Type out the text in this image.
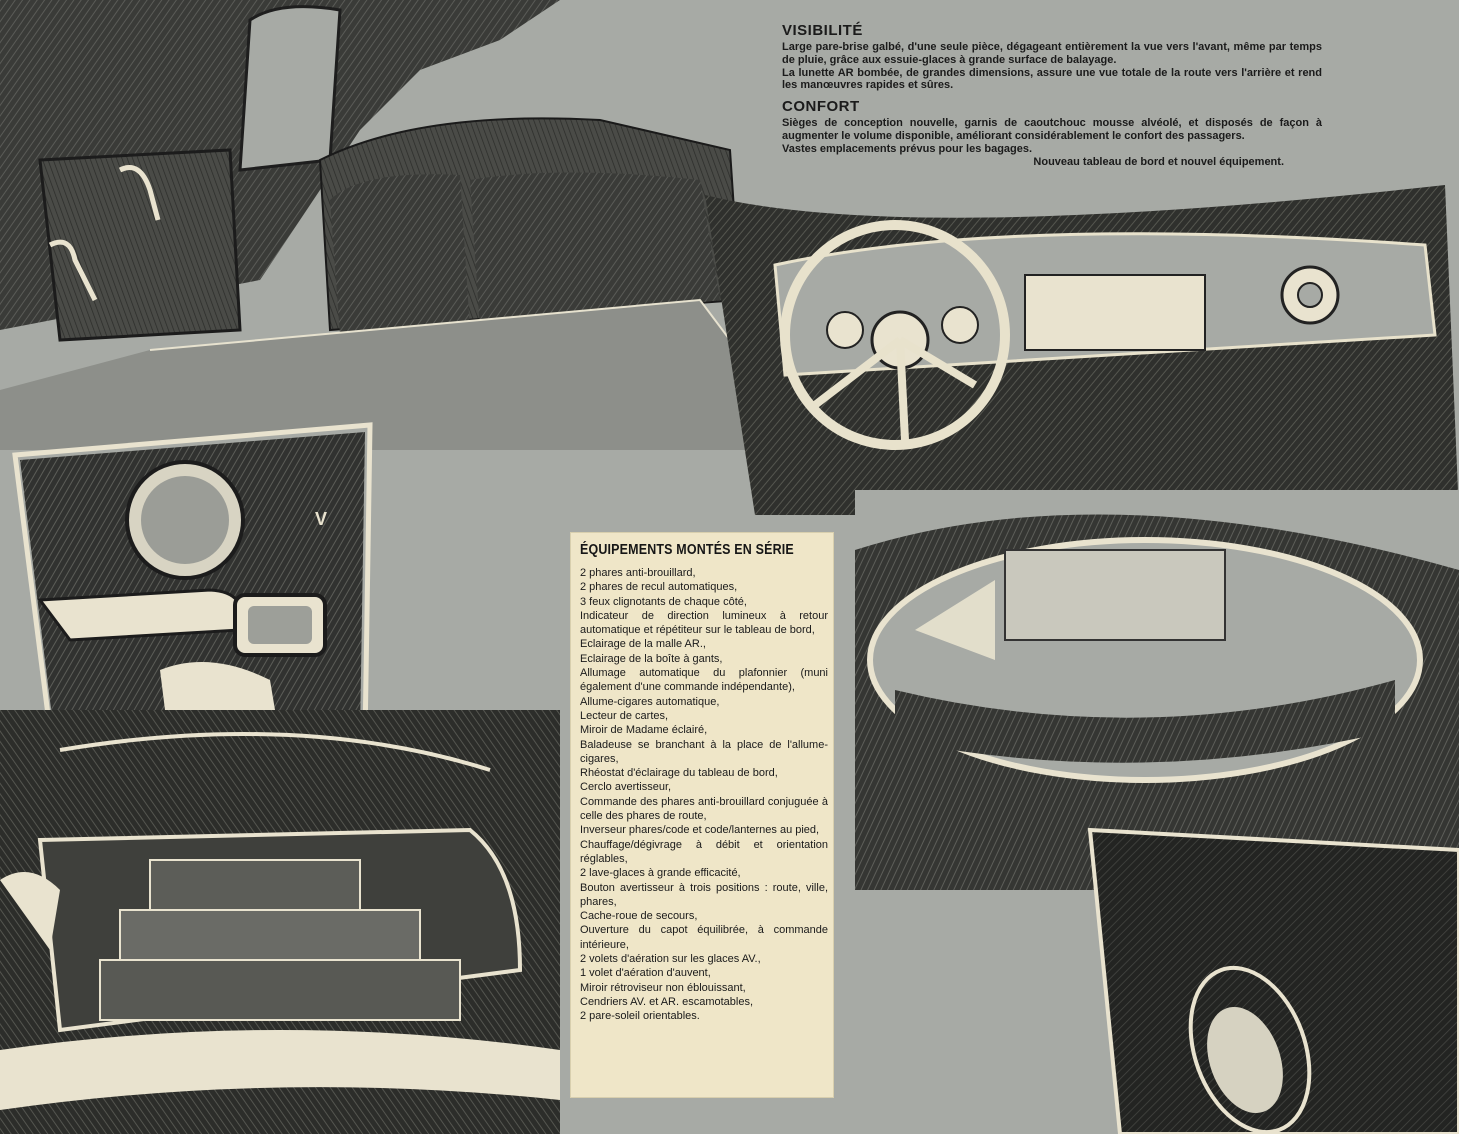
V
VISIBILITÉ

Large pare-brise galbé, d'une seule pièce, dégageant entièrement la vue vers l'avant, même par temps de pluie, grâce aux essuie-glaces à grande surface de balayage.

La lunette AR bombée, de grandes dimensions, assure une vue totale de la route vers l'arrière et rend les manœuvres rapides et sûres.

CONFORT

Sièges de conception nouvelle, garnis de caoutchouc mousse alvéolé, et disposés de façon à augmenter le volume disponible, améliorant considérablement le confort des passagers.

Vastes emplacements prévus pour les bagages.

Nouveau tableau de bord et nouvel équipement.

ÉQUIPEMENTS MONTÉS EN SÉRIE

2 phares anti-brouillard,

2 phares de recul automatiques,

3 feux clignotants de chaque côté,

Indicateur de direction lumineux à retour automatique et répétiteur sur le tableau de bord,

Eclairage de la malle AR.,

Eclairage de la boîte à gants,

Allumage automatique du plafonnier (muni également d'une commande indépendante),

Allume-cigares automatique,

Lecteur de cartes,

Miroir de Madame éclairé,

Baladeuse se branchant à la place de l'allume-cigares,

Rhéostat d'éclairage du tableau de bord,

Cerclo avertisseur,

Commande des phares anti-brouillard conjuguée à celle des phares de route,

Inverseur phares/code et code/lanternes au pied,

Chauffage/dégivrage à débit et orientation réglables,

2 lave-glaces à grande efficacité,

Bouton avertisseur à trois positions : route, ville, phares,

Cache-roue de secours,

Ouverture du capot équilibrée, à commande intérieure,

2 volets d'aération sur les glaces AV.,

1 volet d'aération d'auvent,

Miroir rétroviseur non éblouissant,

Cendriers AV. et AR. escamotables,

2 pare-soleil orientables.
